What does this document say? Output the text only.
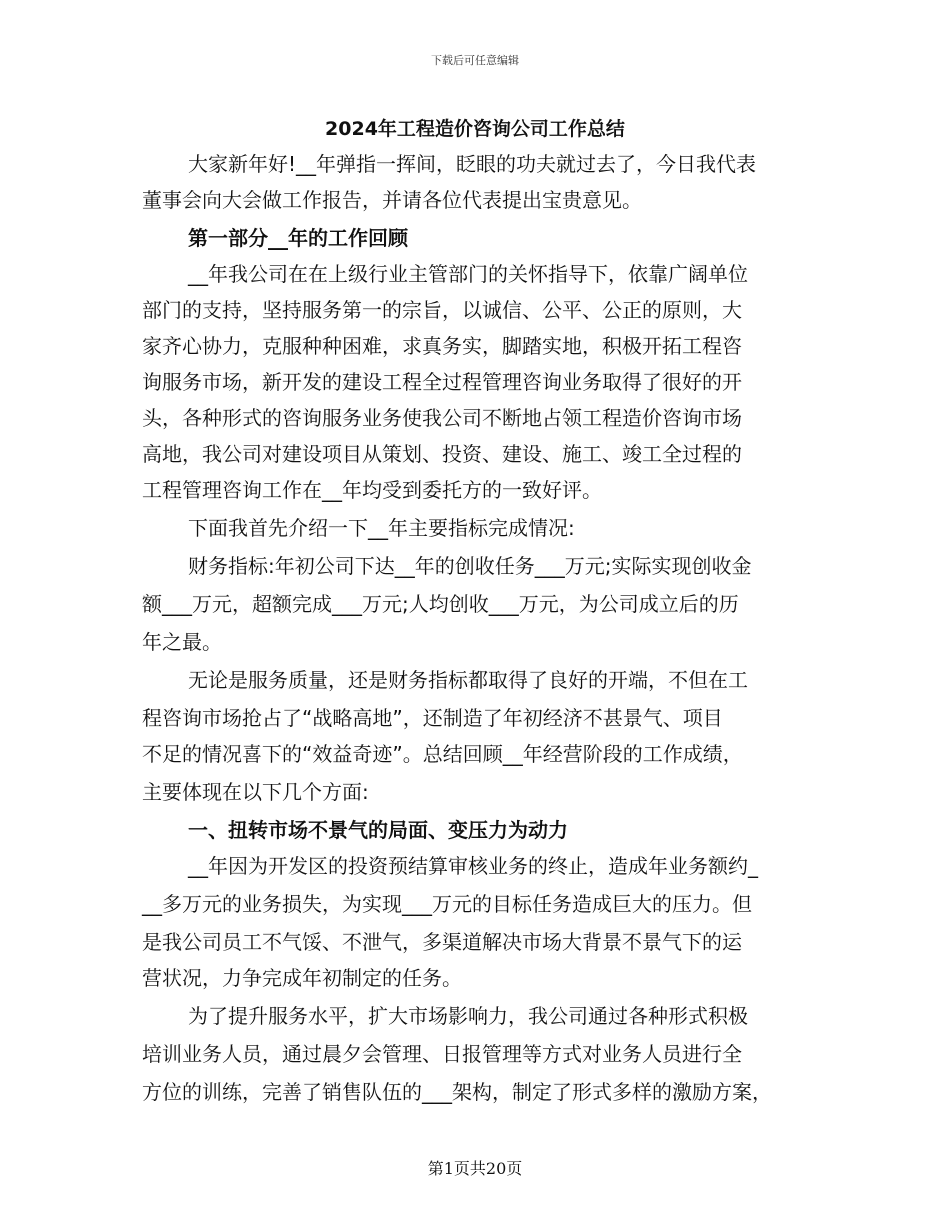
下载后可任意编辑
2024年工程造价咨询公司工作总结
大家新年好!__年弹指一挥间，眨眼的功夫就过去了，今日我代表
董事会向大会做工作报告，并请各位代表提出宝贵意见。
第一部分__年的工作回顾
__年我公司在在上级行业主管部门的关怀指导下，依靠广阔单位
部门的支持，坚持服务第一的宗旨，以诚信、公平、公正的原则，大
家齐心协力，克服种种困难，求真务实，脚踏实地，积极开拓工程咨
询服务市场，新开发的建设工程全过程管理咨询业务取得了很好的开
头，各种形式的咨询服务业务使我公司不断地占领工程造价咨询市场
高地，我公司对建设项目从策划、投资、建设、施工、竣工全过程的
工程管理咨询工作在__年均受到委托方的一致好评。
下面我首先介绍一下__年主要指标完成情况:
财务指标:年初公司下达__年的创收任务___万元;实际实现创收金
额___万元，超额完成___万元;人均创收___万元，为公司成立后的历
年之最。
无论是服务质量，还是财务指标都取得了良好的开端，不但在工
程咨询市场抢占了“战略高地”，还制造了年初经济不甚景气、项目
不足的情况喜下的“效益奇迹”。总结回顾__年经营阶段的工作成绩，
主要体现在以下几个方面:
一、扭转市场不景气的局面、变压力为动力
__年因为开发区的投资预结算审核业务的终止，造成年业务额约_
__多万元的业务损失，为实现___万元的目标任务造成巨大的压力。但
是我公司员工不气馁、不泄气，多渠道解决市场大背景不景气下的运
营状况，力争完成年初制定的任务。
为了提升服务水平，扩大市场影响力，我公司通过各种形式积极
培训业务人员，通过晨夕会管理、日报管理等方式对业务人员进行全
方位的训练，完善了销售队伍的___架构，制定了形式多样的激励方案，
第1页共20页
